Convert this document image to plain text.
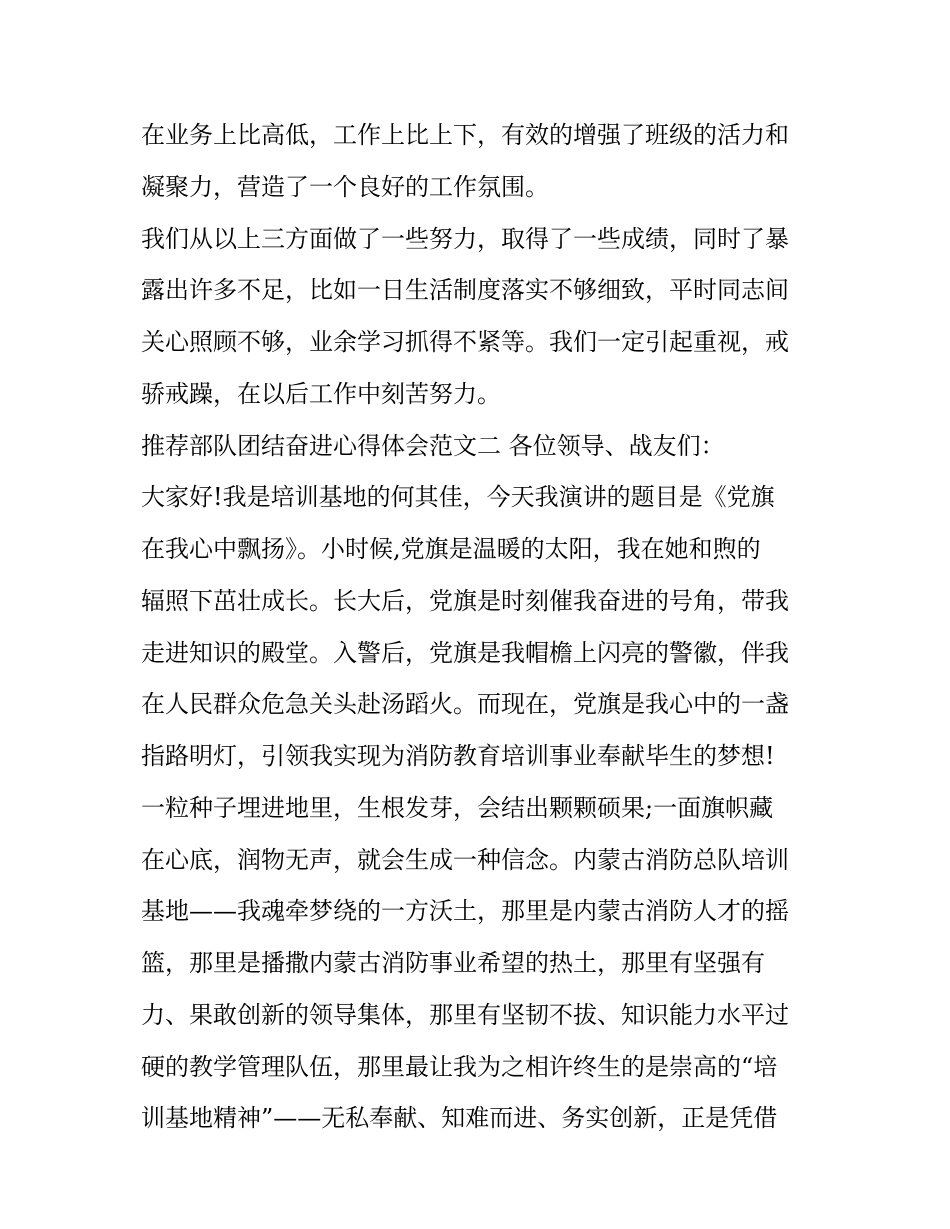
在业务上比高低，工作上比上下，有效的增强了班级的活力和
凝聚力，营造了一个良好的工作氛围。
我们从以上三方面做了一些努力，取得了一些成绩，同时了暴
露出许多不足，比如一日生活制度落实不够细致，平时同志间
关心照顾不够，业余学习抓得不紧等。我们一定引起重视，戒
骄戒躁，在以后工作中刻苦努力。
推荐部队团结奋进心得体会范文二 各位领导、战友们：
大家好!我是培训基地的何其佳，今天我演讲的题目是《党旗
在我心中飘扬》。小时候,党旗是温暖的太阳，我在她和煦的
辐照下茁壮成长。长大后，党旗是时刻催我奋进的号角，带我
走进知识的殿堂。入警后，党旗是我帽檐上闪亮的警徽，伴我
在人民群众危急关头赴汤蹈火。而现在，党旗是我心中的一盏
指路明灯，引领我实现为消防教育培训事业奉献毕生的梦想!
一粒种子埋进地里，生根发芽，会结出颗颗硕果;一面旗帜藏
在心底，润物无声，就会生成一种信念。内蒙古消防总队培训
基地——我魂牵梦绕的一方沃土，那里是内蒙古消防人才的摇
篮，那里是播撒内蒙古消防事业希望的热土，那里有坚强有
力、果敢创新的领导集体，那里有坚韧不拔、知识能力水平过
硬的教学管理队伍，那里最让我为之相许终生的是崇高的“培
训基地精神”——无私奉献、知难而进、务实创新，正是凭借
